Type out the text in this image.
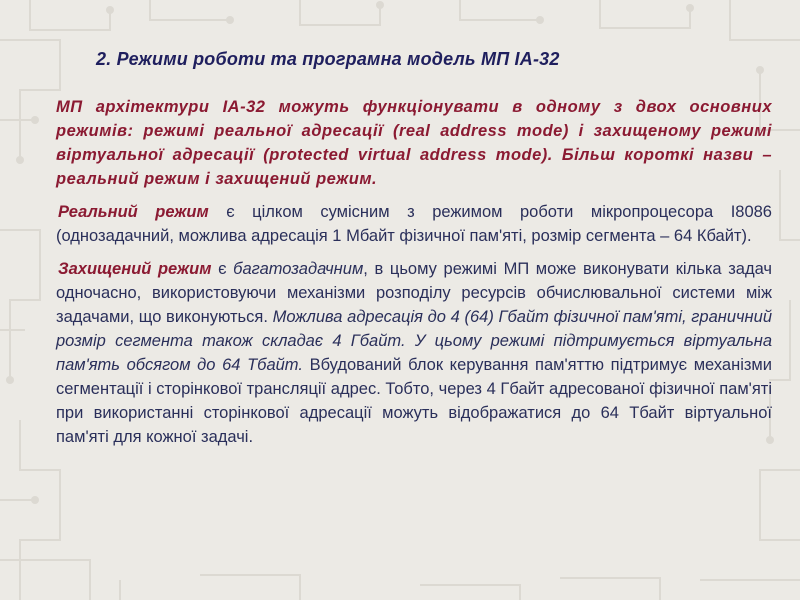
2. Режими роботи та програмна модель МП IA-32

МП архітектури IA-32 можуть функціонувати в одному з двох основних режимів: режимі реальної адресації (real address mode) і захищеному режимі віртуальної адресації (protected virtual address mode). Більш короткі назви – реальний режим і захищений режим.

Реальний режим є цілком сумісним з режимом роботи мікропроцесора I8086 (однозадачний, можлива адресація 1 Мбайт фізичної пам'яті, розмір сегмента – 64 Кбайт).

Захищений режим є багатозадачним, в цьому режимі МП може виконувати кілька задач одночасно, використовуючи механізми розподілу ресурсів обчислювальної системи між задачами, що виконуються. Можлива адресація до 4 (64) Гбайт фізичної пам'яті, граничний розмір сегмента також складає 4 Гбайт. У цьому режимі підтримується віртуальна пам'ять обсягом до 64 Тбайт. Вбудований блок керування пам'яттю підтримує механізми сегментації і сторінкової трансляції адрес. Тобто, через 4 Гбайт адресованої фізичної пам'яті при використанні сторінкової адресації можуть відображатися до 64 Тбайт віртуальної пам'яті для кожної задачі.
